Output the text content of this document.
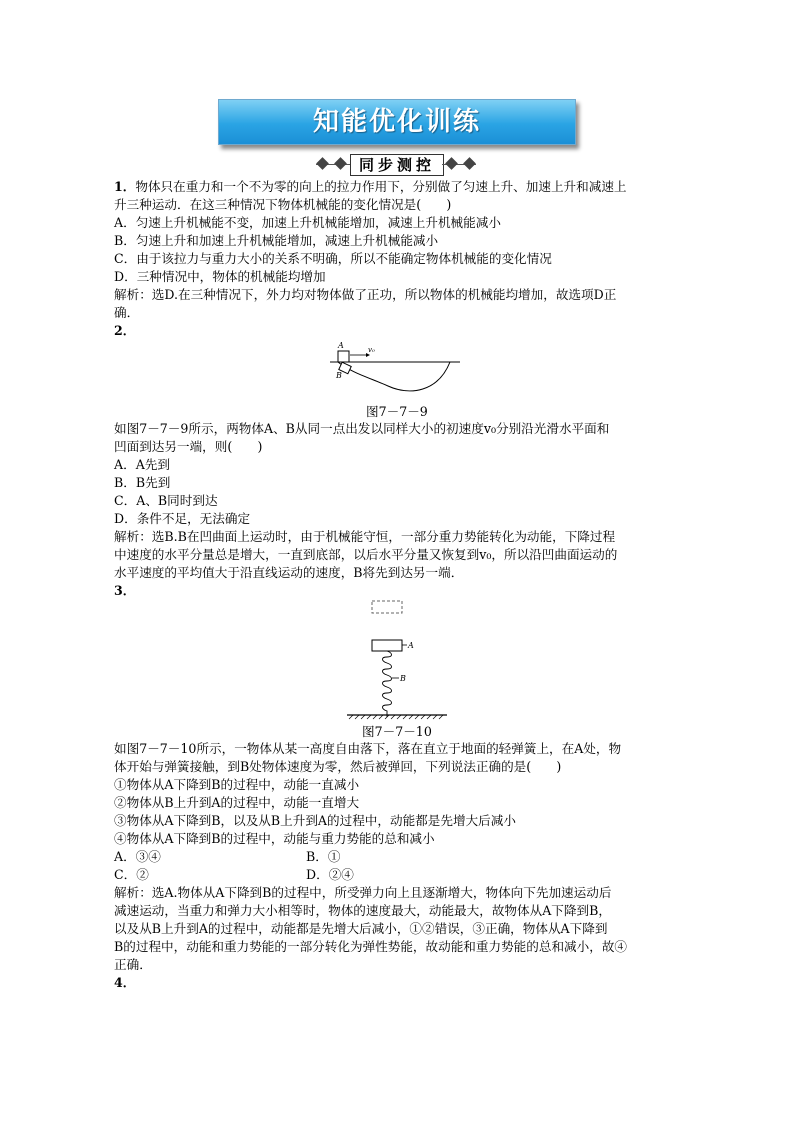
知能优化训练
同步测控
1．物体只在重力和一个不为零的向上的拉力作用下，分别做了匀速上升、加速上升和减速上
升三种运动．在这三种情况下物体机械能的变化情况是(　　)
A．匀速上升机械能不变，加速上升机械能增加，减速上升机械能减小
B．匀速上升和加速上升机械能增加，减速上升机械能减小
C．由于该拉力与重力大小的关系不明确，所以不能确定物体机械能的变化情况
D．三种情况中，物体的机械能均增加
解析：选D.在三种情况下，外力均对物体做了正功，所以物体的机械能均增加，故选项D正
确．
2．
A
B
v₀
图7－7－9
如图7－7－9所示，两物体A、B从同一点出发以同样大小的初速度v₀分别沿光滑水平面和
凹面到达另一端，则(　　)
A．A先到
B．B先到
C．A、B同时到达
D．条件不足，无法确定
解析：选B.B在凹曲面上运动时，由于机械能守恒，一部分重力势能转化为动能，下降过程
中速度的水平分量总是增大，一直到底部，以后水平分量又恢复到v₀，所以沿凹曲面运动的
水平速度的平均值大于沿直线运动的速度，B将先到达另一端．
3．
A
B
图7－7－10
如图7－7－10所示，一物体从某一高度自由落下，落在直立于地面的轻弹簧上，在A处，物
体开始与弹簧接触，到B处物体速度为零，然后被弹回，下列说法正确的是(　　)
①物体从A下降到B的过程中，动能一直减小
②物体从B上升到A的过程中，动能一直增大
③物体从A下降到B，以及从B上升到A的过程中，动能都是先增大后减小
④物体从A下降到B的过程中，动能与重力势能的总和减小
A．③④	B．①
C．②	D．②④
解析：选A.物体从A下降到B的过程中，所受弹力向上且逐渐增大，物体向下先加速运动后
减速运动，当重力和弹力大小相等时，物体的速度最大，动能最大，故物体从A下降到B，
以及从B上升到A的过程中，动能都是先增大后减小，①②错误，③正确，物体从A下降到
B的过程中，动能和重力势能的一部分转化为弹性势能，故动能和重力势能的总和减小，故④
正确．
4．
